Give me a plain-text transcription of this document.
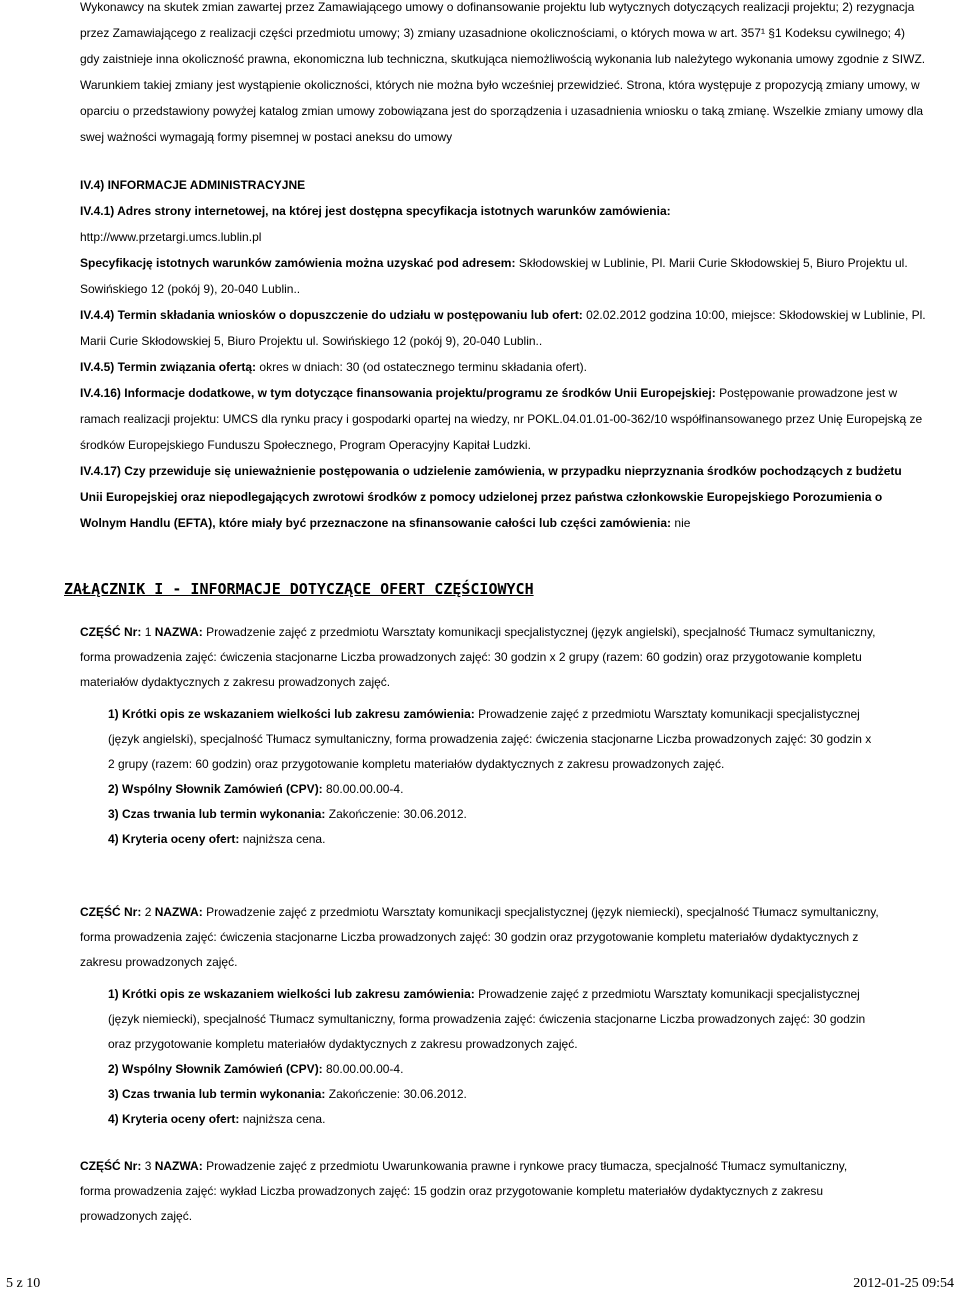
Wykonawcy na skutek zmian zawartej przez Zamawiającego umowy o dofinansowanie projektu lub wytycznych dotyczących realizacji projektu; 2) rezygnacja przez Zamawiającego z realizacji części przedmiotu umowy; 3) zmiany uzasadnione okolicznościami, o których mowa w art. 357¹ §1 Kodeksu cywilnego; 4) gdy zaistnieje inna okoliczność prawna, ekonomiczna lub techniczna, skutkująca niemożliwością wykonania lub należytego wykonania umowy zgodnie z SIWZ. Warunkiem takiej zmiany jest wystąpienie okoliczności, których nie można było wcześniej przewidzieć. Strona, która występuje z propozycją zmiany umowy, w oparciu o przedstawiony powyżej katalog zmian umowy zobowiązana jest do sporządzenia i uzasadnienia wniosku o taką zmianę. Wszelkie zmiany umowy dla swej ważności wymagają formy pisemnej w postaci aneksu do umowy

IV.4) INFORMACJE ADMINISTRACYJNE

IV.4.1) Adres strony internetowej, na której jest dostępna specyfikacja istotnych warunków zamówienia:
http://www.przetargi.umcs.lublin.pl

Specyfikację istotnych warunków zamówienia można uzyskać pod adresem: Skłodowskiej w Lublinie, Pl. Marii Curie Skłodowskiej 5, Biuro Projektu ul. Sowińskiego 12 (pokój 9), 20-040 Lublin..

IV.4.4) Termin składania wniosków o dopuszczenie do udziału w postępowaniu lub ofert: 02.02.2012 godzina 10:00, miejsce: Skłodowskiej w Lublinie, Pl. Marii Curie Skłodowskiej 5, Biuro Projektu ul. Sowińskiego 12 (pokój 9), 20-040 Lublin..

IV.4.5) Termin związania ofertą: okres w dniach: 30 (od ostatecznego terminu składania ofert).

IV.4.16) Informacje dodatkowe, w tym dotyczące finansowania projektu/programu ze środków Unii Europejskiej: Postępowanie prowadzone jest w ramach realizacji projektu: UMCS dla rynku pracy i gospodarki opartej na wiedzy, nr POKL.04.01.01-00-362/10 współfinansowanego przez Unię Europejską ze środków Europejskiego Funduszu Społecznego, Program Operacyjny Kapitał Ludzki.

IV.4.17) Czy przewiduje się unieważnienie postępowania o udzielenie zamówienia, w przypadku nieprzyznania środków pochodzących z budżetu Unii Europejskiej oraz niepodlegających zwrotowi środków z pomocy udzielonej przez państwa członkowskie Europejskiego Porozumienia o Wolnym Handlu (EFTA), które miały być przeznaczone na sfinansowanie całości lub części zamówienia: nie

ZAŁĄCZNIK I - INFORMACJE DOTYCZĄCE OFERT CZĘŚCIOWYCH
CZĘŚĆ Nr: 1 NAZWA: Prowadzenie zajęć z przedmiotu Warsztaty komunikacji specjalistycznej (język angielski), specjalność Tłumacz symultaniczny, forma prowadzenia zajęć: ćwiczenia stacjonarne Liczba prowadzonych zajęć: 30 godzin x 2 grupy (razem: 60 godzin) oraz przygotowanie kompletu materiałów dydaktycznych z zakresu prowadzonych zajęć.

1) Krótki opis ze wskazaniem wielkości lub zakresu zamówienia: Prowadzenie zajęć z przedmiotu Warsztaty komunikacji specjalistycznej (język angielski), specjalność Tłumacz symultaniczny, forma prowadzenia zajęć: ćwiczenia stacjonarne Liczba prowadzonych zajęć: 30 godzin x 2 grupy (razem: 60 godzin) oraz przygotowanie kompletu materiałów dydaktycznych z zakresu prowadzonych zajęć.

2) Wspólny Słownik Zamówień (CPV): 80.00.00.00-4.

3) Czas trwania lub termin wykonania: Zakończenie: 30.06.2012.

4) Kryteria oceny ofert: najniższa cena.

CZĘŚĆ Nr: 2 NAZWA: Prowadzenie zajęć z przedmiotu Warsztaty komunikacji specjalistycznej (język niemiecki), specjalność Tłumacz symultaniczny, forma prowadzenia zajęć: ćwiczenia stacjonarne Liczba prowadzonych zajęć: 30 godzin oraz przygotowanie kompletu materiałów dydaktycznych z zakresu prowadzonych zajęć.

1) Krótki opis ze wskazaniem wielkości lub zakresu zamówienia: Prowadzenie zajęć z przedmiotu Warsztaty komunikacji specjalistycznej (język niemiecki), specjalność Tłumacz symultaniczny, forma prowadzenia zajęć: ćwiczenia stacjonarne Liczba prowadzonych zajęć: 30 godzin oraz przygotowanie kompletu materiałów dydaktycznych z zakresu prowadzonych zajęć.

2) Wspólny Słownik Zamówień (CPV): 80.00.00.00-4.

3) Czas trwania lub termin wykonania: Zakończenie: 30.06.2012.

4) Kryteria oceny ofert: najniższa cena.

CZĘŚĆ Nr: 3 NAZWA: Prowadzenie zajęć z przedmiotu Uwarunkowania prawne i rynkowe pracy tłumacza, specjalność Tłumacz symultaniczny, forma prowadzenia zajęć: wykład Liczba prowadzonych zajęć: 15 godzin oraz przygotowanie kompletu materiałów dydaktycznych z zakresu prowadzonych zajęć.
5 z 10	2012-01-25 09:54
